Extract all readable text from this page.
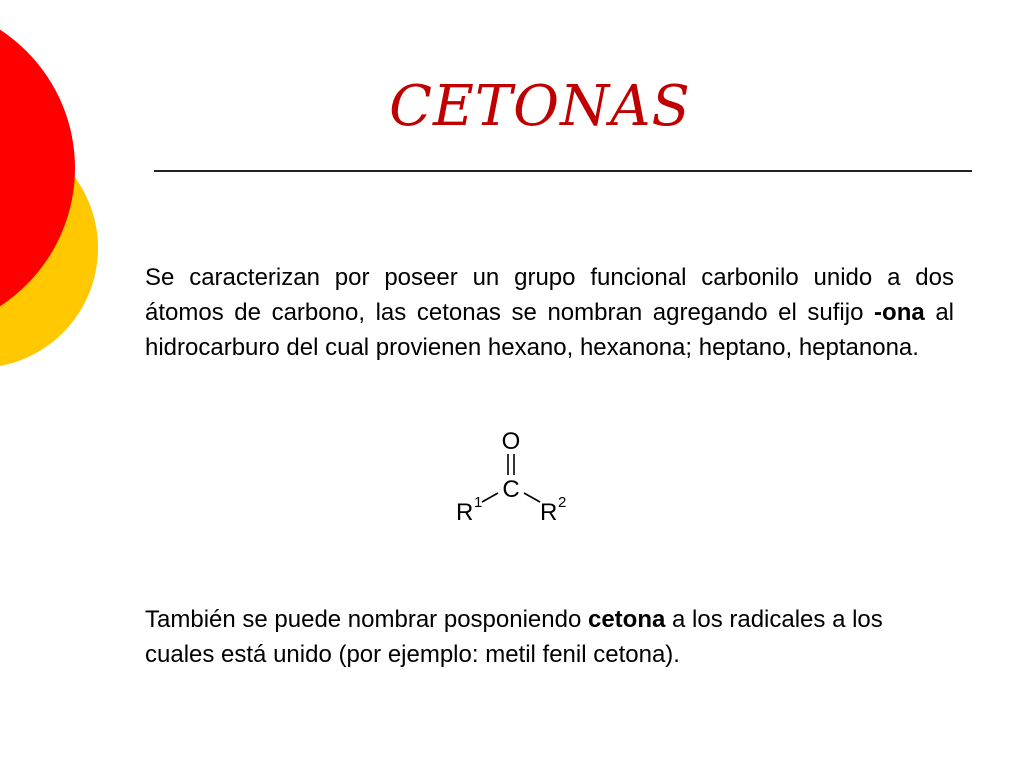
CETONAS

Se caracterizan por poseer un grupo funcional carbonilo unido a dos átomos de carbono, las cetonas se nombran agregando el sufijo -ona al hidrocarburo del cual provienen hexano, hexanona; heptano, heptanona.

O
C
R 1 R 2

También se puede nombrar posponiendo cetona a los radicales a los cuales está unido (por ejemplo: metil fenil cetona).
